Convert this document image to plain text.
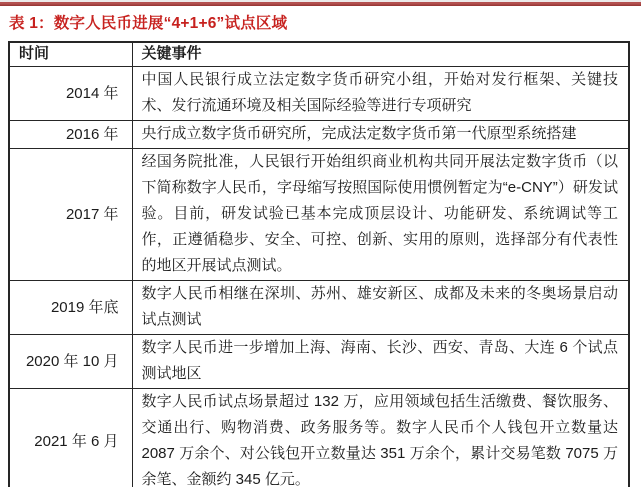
表 1：数字人民币进展“4+1+6”试点区域
时间	关键事件
2014 年	中国人民银行成立法定数字货币研究小组，开始对发行框架、关键技术、发行流通环境及相关国际经验等进行专项研究
2016 年	央行成立数字货币研究所，完成法定数字货币第一代原型系统搭建
2017 年	经国务院批准，人民银行开始组织商业机构共同开展法定数字货币（以下简称数字人民币，字母缩写按照国际使用惯例暂定为“e-CNY”）研发试验。目前，研发试验已基本完成顶层设计、功能研发、系统调试等工作，正遵循稳步、安全、可控、创新、实用的原则，选择部分有代表性的地区开展试点测试。
2019 年底	数字人民币相继在深圳、苏州、雄安新区、成都及未来的冬奥场景启动试点测试
2020 年 10 月	数字人民币进一步增加上海、海南、长沙、西安、青岛、大连 6 个试点测试地区
2021 年 6 月	数字人民币试点场景超过 132 万，应用领域包括生活缴费、餐饮服务、交通出行、购物消费、政务服务等。数字人民币个人钱包开立数量达 2087 万余个、对公钱包开立数量达 351 万余个，累计交易笔数 7075 万余笔、金额约 345 亿元。
